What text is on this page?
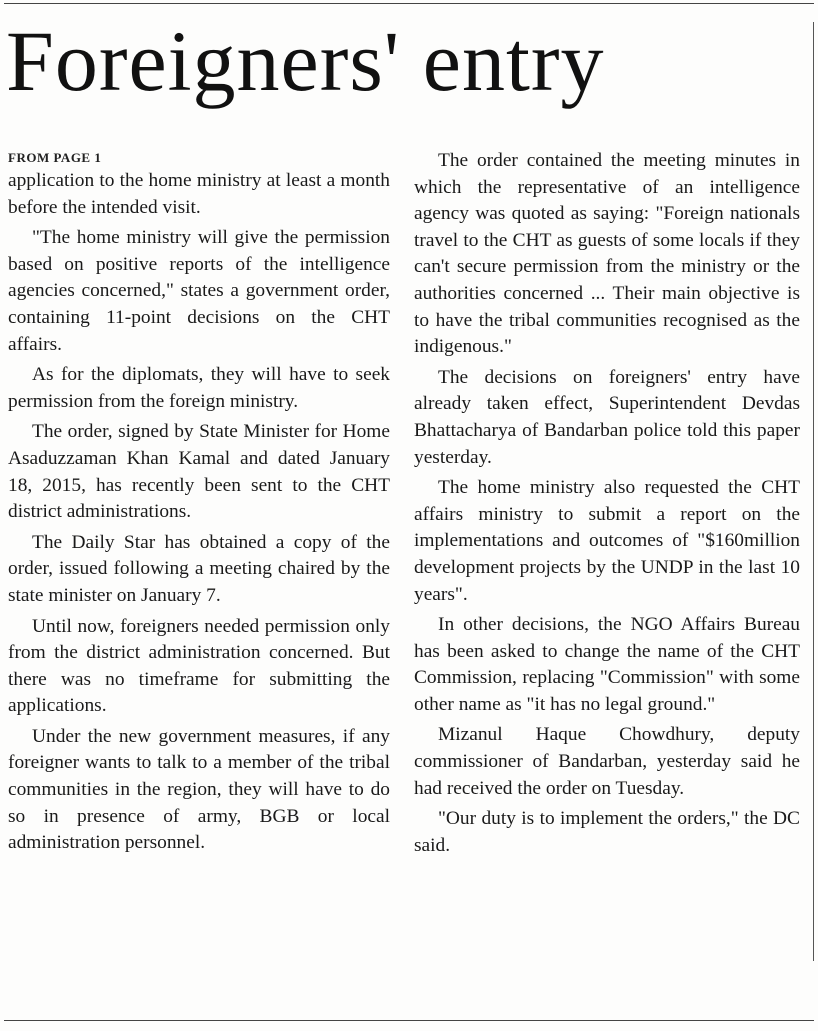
Foreigners' entry
FROM PAGE 1

application to the home ministry at least a month before the intended visit.

"The home ministry will give the permission based on positive reports of the intelligence agencies concerned," states a government order, containing 11-point decisions on the CHT affairs.

As for the diplomats, they will have to seek permission from the foreign ministry.

The order, signed by State Minister for Home Asaduzzaman Khan Kamal and dated January 18, 2015, has recently been sent to the CHT district administrations.

The Daily Star has obtained a copy of the order, issued following a meeting chaired by the state minister on January 7.

Until now, foreigners needed permission only from the district administration concerned. But there was no timeframe for submitting the applications.

Under the new government measures, if any foreigner wants to talk to a member of the tribal communities in the region, they will have to do so in presence of army, BGB or local administration personnel.

The order contained the meeting minutes in which the representative of an intelligence agency was quoted as saying: "Foreign nationals travel to the CHT as guests of some locals if they can't secure permission from the ministry or the authorities concerned ... Their main objective is to have the tribal communities recognised as the indigenous."

The decisions on foreigners' entry have already taken effect, Superintendent Devdas Bhattacharya of Bandarban police told this paper yesterday.

The home ministry also requested the CHT affairs ministry to submit a report on the implementations and outcomes of "$160million development projects by the UNDP in the last 10 years".

In other decisions, the NGO Affairs Bureau has been asked to change the name of the CHT Commission, replacing "Commission" with some other name as "it has no legal ground."

Mizanul Haque Chowdhury, deputy commissioner of Bandarban, yesterday said he had received the order on Tuesday.

"Our duty is to implement the orders," the DC said.
